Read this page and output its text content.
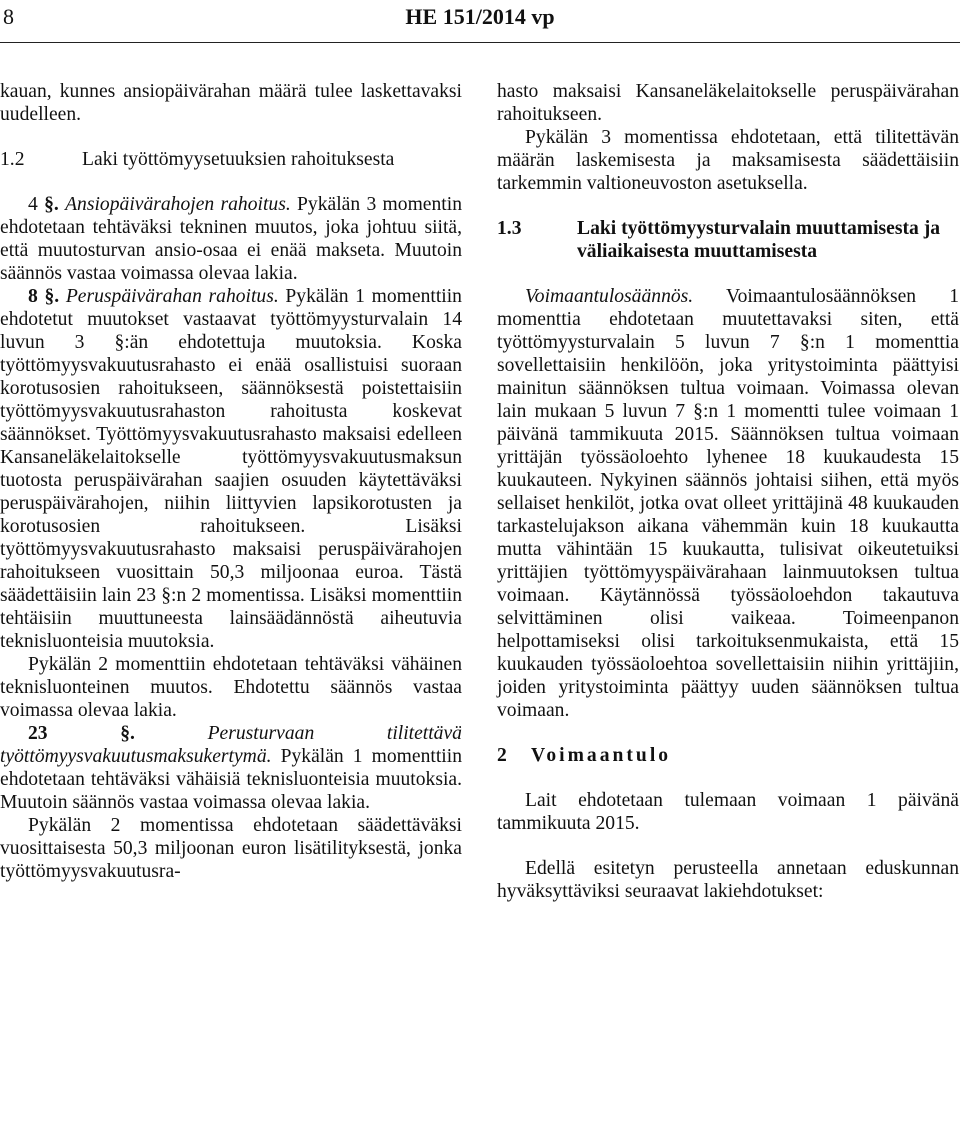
8	HE 151/2014 vp

kauan, kunnes ansiopäivärahan määrä tulee laskettavaksi uudelleen.

1.2	Laki työttömyysetuuksien rahoituksesta

4 §. Ansiopäivärahojen rahoitus. Pykälän 3 momentin ehdotetaan tehtäväksi tekninen muutos, joka johtuu siitä, että muutosturvan ansio-osaa ei enää makseta. Muutoin säännös vastaa voimassa olevaa lakia.

8 §. Peruspäivärahan rahoitus. Pykälän 1 momenttiin ehdotetut muutokset vastaavat työttömyysturvalain 14 luvun 3 §:än ehdotettuja muutoksia. Koska työttömyysvakuutusrahasto ei enää osallistuisi suoraan korotusosien rahoitukseen, säännöksestä poistettaisiin työttömyysvakuutusrahaston rahoitusta koskevat säännökset. Työttömyysvakuutusrahasto maksaisi edelleen Kansaneläkelaitokselle työttömyysvakuutusmaksun tuotosta peruspäivärahan saajien osuuden käytettäväksi peruspäivärahojen, niihin liittyvien lapsikorotusten ja korotusosien rahoitukseen. Lisäksi työttömyysvakuutusrahasto maksaisi peruspäivärahojen rahoitukseen vuosittain 50,3 miljoonaa euroa. Tästä säädettäisiin lain 23 §:n 2 momentissa. Lisäksi momenttiin tehtäisiin muuttuneesta lainsäädännöstä aiheutuvia teknisluonteisia muutoksia.

Pykälän 2 momenttiin ehdotetaan tehtäväksi vähäinen teknisluonteinen muutos. Ehdotettu säännös vastaa voimassa olevaa lakia.

23	§.	Perusturvaan tilitettävä työttömyysvakuutusmaksukertymä. Pykälän 1 momenttiin ehdotetaan tehtäväksi vähäisiä teknisluonteisia muutoksia. Muutoin säännös vastaa voimassa olevaa lakia.

Pykälän 2 momentissa ehdotetaan säädettäväksi vuosittaisesta 50,3 miljoonan euron lisätilityksestä, jonka työttömyysvakuutusra-

hasto maksaisi Kansaneläkelaitokselle peruspäivärahan rahoitukseen.

Pykälän 3 momentissa ehdotetaan, että tilitettävän määrän laskemisesta ja maksamisesta säädettäisiin tarkemmin valtioneuvoston asetuksella.

1.3	Laki työttömyysturvalain muuttamisesta ja väliaikaisesta muuttamisesta

Voimaantulosäännös. Voimaantulosäännöksen 1 momenttia ehdotetaan muutettavaksi siten, että työttömyysturvalain 5 luvun 7 §:n 1 momenttia sovellettaisiin henkilöön, joka yritystoiminta päättyisi mainitun säännöksen tultua voimaan. Voimassa olevan lain mukaan 5 luvun 7 §:n 1 momentti tulee voimaan 1 päivänä tammikuuta 2015. Säännöksen tultua voimaan yrittäjän työssäoloehto lyhenee 18 kuukaudesta 15 kuukauteen. Nykyinen säännös johtaisi siihen, että myös sellaiset henkilöt, jotka ovat olleet yrittäjinä 48 kuukauden tarkastelujakson aikana vähemmän kuin 18 kuukautta mutta vähintään 15 kuukautta, tulisivat oikeutetuiksi yrittäjien työttömyyspäivärahaan lainmuutoksen tultua voimaan. Käytännössä työssäoloehdon takautuva selvittäminen olisi vaikeaa. Toimeenpanon helpottamiseksi olisi tarkoituksenmukaista, että 15 kuukauden työssäoloehtoa sovellettaisiin niihin yrittäjiin, joiden yritystoiminta päättyy uuden säännöksen tultua voimaan.

2	Voimaantulo

Lait ehdotetaan tulemaan voimaan 1 päivänä tammikuuta 2015.

Edellä esitetyn perusteella annetaan eduskunnan hyväksyttäviksi seuraavat lakiehdotukset:
